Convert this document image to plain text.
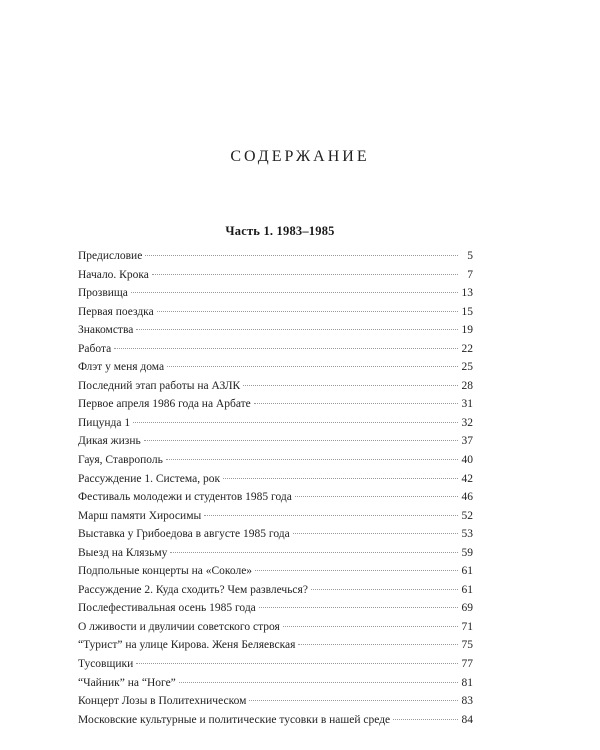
СОДЕРЖАНИЕ
Часть 1. 1983–1985
Предисловие	5
Начало. Крока	7
Прозвища	13
Первая поездка	15
Знакомства	19
Работа	22
Флэт у меня дома	25
Последний этап работы на АЗЛК	28
Первое апреля 1986 года на Арбате	31
Пицунда 1	32
Дикая жизнь	37
Гауя, Ставрополь	40
Рассуждение 1. Система, рок	42
Фестиваль молодежи и студентов 1985 года	46
Марш памяти Хиросимы	52
Выставка у Грибоедова в августе 1985 года	53
Выезд на Клязьму	59
Подпольные концерты на «Соколе»	61
Рассуждение 2. Куда сходить? Чем развлечься?	61
Послефестивальная осень 1985 года	69
О лживости и двуличии советского строя	71
“Турист” на улице Кирова. Женя Беляевская	75
Тусовщики	77
“Чайник” на “Ноге”	81
Концерт Лозы в Политехническом	83
Московские культурные и политические тусовки в нашей среде	84
